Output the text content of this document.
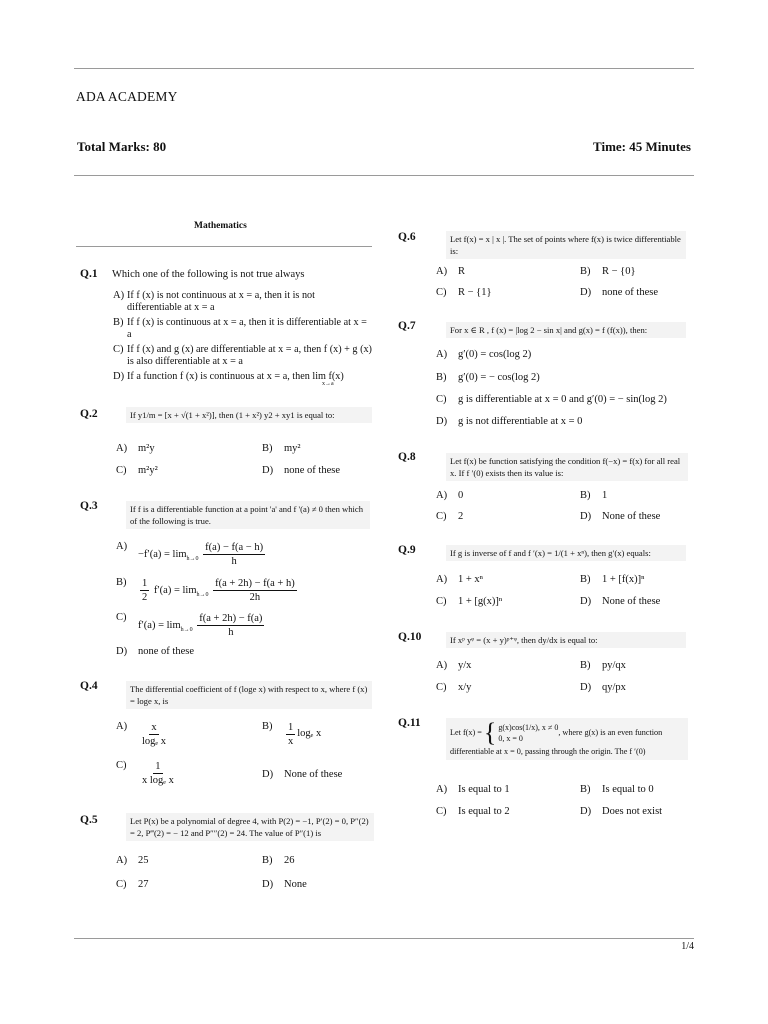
ADA ACADEMY
Total Marks: 80	Time: 45 Minutes
Mathematics
Q.1 Which one of the following is not true always
A) If f (x) is not continuous at x = a, then it is not differentiable at x = a
B) If f (x) is continuous at x = a, then it is differentiable at x = a
C) If f (x) and g (x) are differentiable at x = a, then f (x) + g (x) is also differentiable at x = a
D) If a function f (x) is continuous at x = a, then lim f(x)
x→a
Q.2	If y1/m = [x + √(1 + x²)], then (1 + x²) y2 + xy1 is equal to:
A)	m²y	B)	my²
C)	m²y²	D)	none of these
Q.3	If f is a differentiable function at a point 'a' and f '(a) ≠ 0 then which of the following is true.
A)
$-f'(a) = \lim_{h\to 0} \frac{f(a) - f(a - h)}{h}$
B)	$\frac{1}{2} f'(a) = \lim_{h\to 0} \frac{f(a + 2h) - f(a + h)}{2h}$
C)
$f'(a) = \lim_{h\to 0} \frac{f(a + 2h) - f(a)}{h}$
D)	none of these
Q.4	The differential coefficient of f (loge x) with respect to x, where f (x) = loge x, is
A)	$\frac{x}{\text{logₑ x}}$	B)	$\frac{1}{x}$ logₑ x
C)	$\frac{1}{\text{x logₑ x}}$	D)	None of these
Q.5	Let P(x) be a polynomial of degree 4, with P(2) = −1, P′(2) = 0, P″(2) = 2, P‴(2) = − 12 and P″″(2) = 24. The value of P″(1) is
A)	25	B)	26
C)	27	D)	None
Q.6	Let f(x) = x | x |. The set of points where f(x) is twice differentiable is:
A)	R	B)	R − {0}
C)	R − {1}	D)	none of these
Q.7	For x ∈ R , f (x) = |log 2 − sin x| and g(x) = f (f(x)), then:
A)	g′(0) = cos(log 2)
B)	g′(0) = − cos(log 2)
C)	g is differentiable at x = 0 and g′(0) = − sin(log 2)
D)	g is not differentiable at x = 0
Q.8	Let f(x) be function satisfying the condition f(−x) = f(x) for all real x. If f ′(0) exists then its value is:
A)	0	B)	1
C)	2	D)	None of these
Q.9	If g is inverse of f and f ′(x) = 1/(1 + xⁿ), then g′(x) equals:
A)	1 + xⁿ	B)	1 + [f(x)]ⁿ
C)	1 + [g(x)]ⁿ	D)	None of these
Q.10	If xᵖ yᵠ = (x + y)ᵖ⁺ᵠ, then dy/dx is equal to:
A)	y/x	B)	py/qx
C)	x/y	D)	qy/px
Q.11
Let f(x) = { g(x)cos(1/x), x ≠ 0
0, x = 0
, where g(x) is an even function
differentiable at x = 0, passing through the origin. The f ′(0)
A)	Is equal to 1	B)	Is equal to 0
C)	Is equal to 2	D)	Does not exist
1/4
